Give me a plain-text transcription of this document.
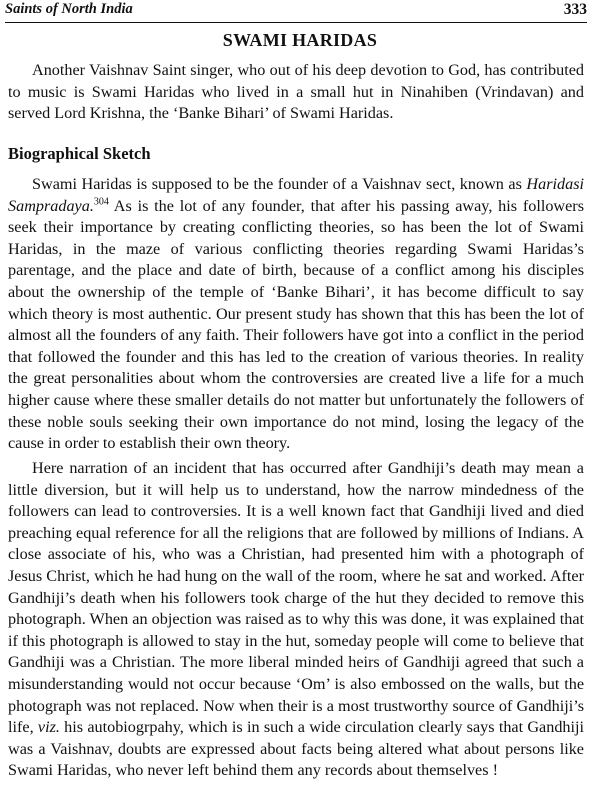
Saints of North India	333
SWAMI HARIDAS

Another Vaishnav Saint singer, who out of his deep devotion to God, has contributed to music is Swami Haridas who lived in a small hut in Ninahiben (Vrindavan) and served Lord Krishna, the ‘Banke Bihari’ of Swami Haridas.

Biographical Sketch

Swami Haridas is supposed to be the founder of a Vaishnav sect, known as Haridasi Sampradaya.$^{304}$ As is the lot of any founder, that after his passing away, his followers seek their importance by creating conflicting theories, so has been the lot of Swami Haridas, in the maze of various conflicting theories regarding Swami Haridas’s parentage, and the place and date of birth, because of a conflict among his disciples about the ownership of the temple of ‘Banke Bihari’, it has become difficult to say which theory is most authentic. Our present study has shown that this has been the lot of almost all the founders of any faith. Their followers have got into a conflict in the period that followed the founder and this has led to the creation of various theories. In reality the great personalities about whom the controversies are created live a life for a much higher cause where these smaller details do not matter but unfortunately the followers of these noble souls seeking their own importance do not mind, losing the legacy of the cause in order to establish their own theory.

Here narration of an incident that has occurred after Gandhiji’s death may mean a little diversion, but it will help us to understand, how the narrow mindedness of the followers can lead to controversies. It is a well known fact that Gandhiji lived and died preaching equal reference for all the religions that are followed by millions of Indians. A close associate of his, who was a Christian, had presented him with a photograph of Jesus Christ, which he had hung on the wall of the room, where he sat and worked. After Gandhiji’s death when his followers took charge of the hut they decided to remove this photograph. When an objection was raised as to why this was done, it was explained that if this photograph is allowed to stay in the hut, someday people will come to believe that Gandhiji was a Christian. The more liberal minded heirs of Gandhiji agreed that such a misunderstanding would not occur because ‘Om’ is also embossed on the walls, but the photograph was not replaced. Now when their is a most trustworthy source of Gandhiji’s life, viz. his autobiogrpahy, which is in such a wide circulation clearly says that Gandhiji was a Vaishnav, doubts are expressed about facts being altered what about persons like Swami Haridas, who never left behind them any records about themselves !
